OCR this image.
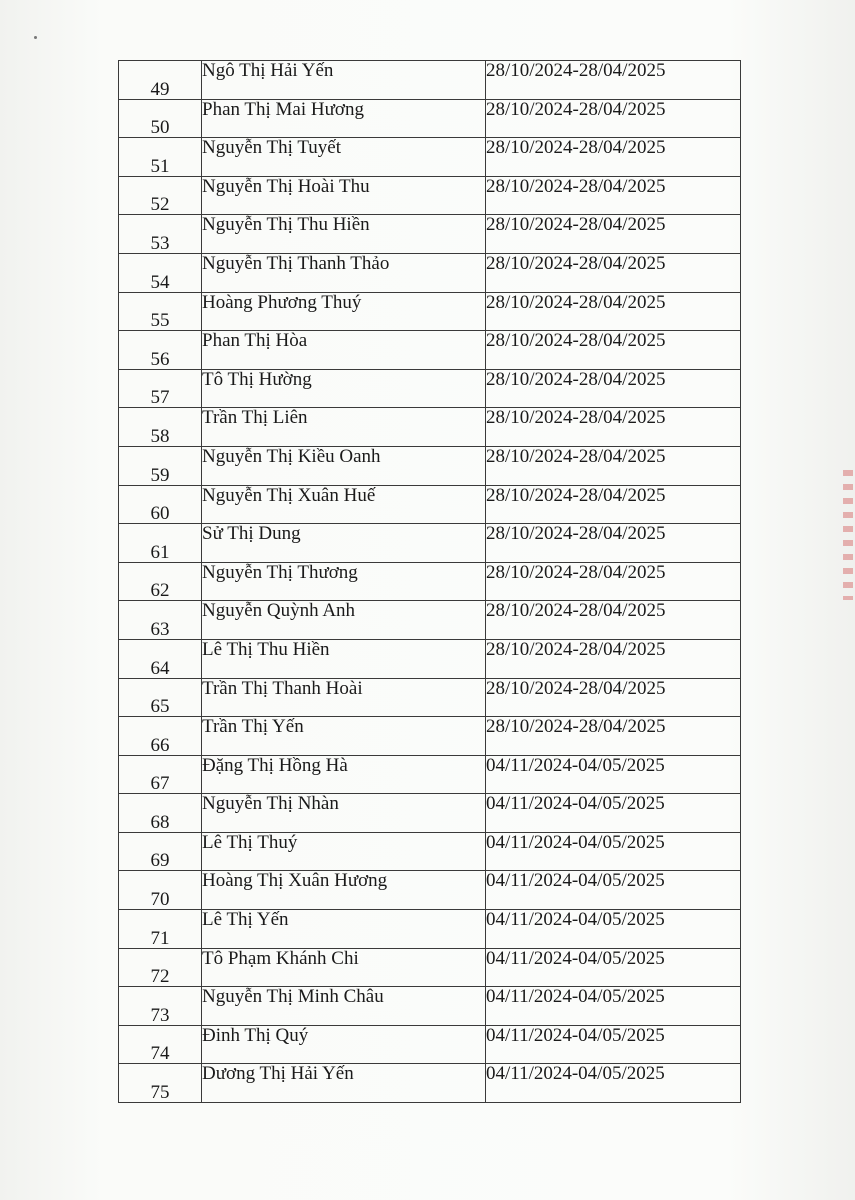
49	Ngô Thị Hải Yến	28/10/2024-28/04/2025
50	Phan Thị Mai Hương	28/10/2024-28/04/2025
51	Nguyễn Thị Tuyết	28/10/2024-28/04/2025
52	Nguyễn Thị Hoài Thu	28/10/2024-28/04/2025
53	Nguyễn Thị Thu Hiền	28/10/2024-28/04/2025
54	Nguyễn Thị Thanh Thảo	28/10/2024-28/04/2025
55	Hoàng Phương Thuý	28/10/2024-28/04/2025
56	Phan Thị Hòa	28/10/2024-28/04/2025
57	Tô Thị Hường	28/10/2024-28/04/2025
58	Trần Thị Liên	28/10/2024-28/04/2025
59	Nguyễn Thị Kiều Oanh	28/10/2024-28/04/2025
60	Nguyễn Thị Xuân Huế	28/10/2024-28/04/2025
61	Sử Thị Dung	28/10/2024-28/04/2025
62	Nguyễn Thị Thương	28/10/2024-28/04/2025
63	Nguyễn Quỳnh Anh	28/10/2024-28/04/2025
64	Lê Thị Thu Hiền	28/10/2024-28/04/2025
65	Trần Thị Thanh Hoài	28/10/2024-28/04/2025
66	Trần Thị Yến	28/10/2024-28/04/2025
67	Đặng Thị Hồng Hà	04/11/2024-04/05/2025
68	Nguyễn Thị Nhàn	04/11/2024-04/05/2025
69	Lê Thị Thuý	04/11/2024-04/05/2025
70	Hoàng Thị Xuân Hương	04/11/2024-04/05/2025
71	Lê Thị Yến	04/11/2024-04/05/2025
72	Tô Phạm Khánh Chi	04/11/2024-04/05/2025
73	Nguyễn Thị Minh Châu	04/11/2024-04/05/2025
74	Đinh Thị Quý	04/11/2024-04/05/2025
75	Dương Thị Hải Yến	04/11/2024-04/05/2025
